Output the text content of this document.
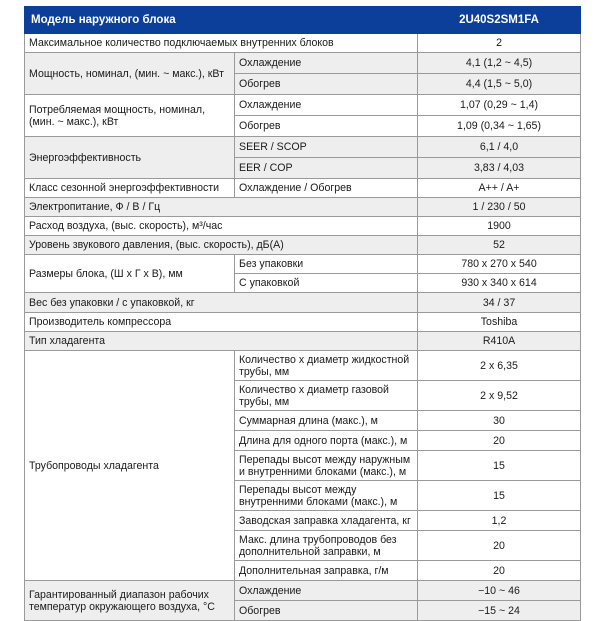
Модель наружного блока		2U40S2SM1FA
Максимальное количество подключаемых внутренних блоков		2
Мощность, номинал, (мин. ~ макс.), кВт	Охлаждение	4,1 (1,2 ~ 4,5)
	Обогрев	4,4 (1,5 ~ 5,0)
Потребляемая мощность, номинал, (мин. ~ макс.), кВт	Охлаждение	1,07 (0,29 ~ 1,4)
	Обогрев	1,09 (0,34 ~ 1,65)
Энергоэффективность	SEER / SCOP	6,1 / 4,0
	EER / COP	3,83 / 4,03
Класс сезонной энергоэффективности	Охлаждение / Обогрев	A++ / A+
Электропитание, Ф / В / Гц		1 / 230 / 50
Расход воздуха, (выс. скорость), м³/час		1900
Уровень звукового давления, (выс. скорость), дБ(А)		52
Размеры блока, (Ш х Г х В), мм	Без упаковки	780 x 270 x 540
	С упаковкой	930 x 340 x 614
Вес без упаковки / с упаковкой, кг		34 / 37
Производитель компрессора		Toshiba
Тип хладагента		R410A
Трубопроводы хладагента	Количество х диаметр жидкостной трубы, мм	2 x 6,35
	Количество х диаметр газовой трубы, мм	2 x 9,52
	Суммарная длина (макс.), м	30
	Длина для одного порта (макс.), м	20
	Перепады высот между наружным и внутренними блоками (макс.), м	15
	Перепады высот между внутренними блоками (макс.), м	15
	Заводская заправка хладагента, кг	1,2
	Макс. длина трубопроводов без дополнительной заправки, м	20
	Дополнительная заправка, г/м	20
Гарантированный диапазон рабочих температур окружающего воздуха, °С	Охлаждение	−10 ~ 46
	Обогрев	−15 ~ 24
